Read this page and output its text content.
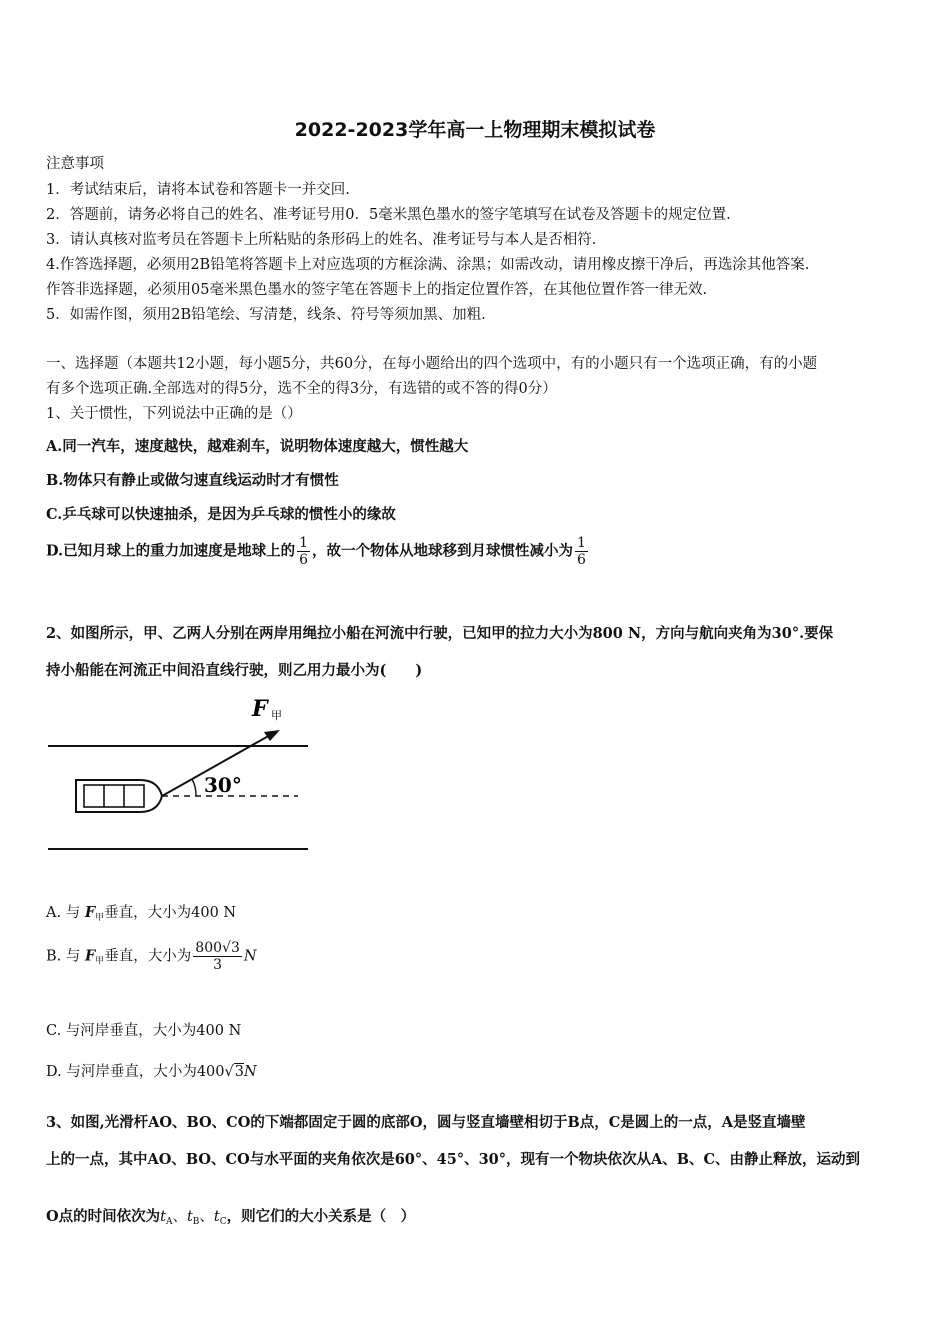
2022-2023学年高一上物理期末模拟试卷
注意事项
1．考试结束后，请将本试卷和答题卡一并交回.
2．答题前，请务必将自己的姓名、准考证号用0．5毫米黑色墨水的签字笔填写在试卷及答题卡的规定位置.
3．请认真核对监考员在答题卡上所粘贴的条形码上的姓名、准考证号与本人是否相符.
4.作答选择题，必须用2B铅笔将答题卡上对应选项的方框涂满、涂黑；如需改动，请用橡皮擦干净后，再选涂其他答案.
作答非选择题，必须用05毫米黑色墨水的签字笔在答题卡上的指定位置作答，在其他位置作答一律无效.
5．如需作图，须用2B铅笔绘、写清楚，线条、符号等须加黑、加粗.
一、选择题（本题共12小题，每小题5分，共60分，在每小题给出的四个选项中，有的小题只有一个选项正确，有的小题
有多个选项正确.全部选对的得5分，选不全的得3分，有选错的或不答的得0分）
1、关于惯性，下列说法中正确的是（）
A.同一汽车，速度越快，越难刹车，说明物体速度越大，惯性越大
B.物体只有静止或做匀速直线运动时才有惯性
C.乒乓球可以快速抽杀，是因为乒乓球的惯性小的缘故
D.已知月球上的重力加速度是地球上的 $\frac{1}{6}$ ，故一个物体从地球移到月球惯性减小为 $\frac{1}{6}$
2、如图所示，甲、乙两人分别在两岸用绳拉小船在河流中行驶，已知甲的拉力大小为800 N，方向与航向夹角为30°.要保
持小船能在河流正中间沿直线行驶，则乙用力最小为(　　)
30°
F 甲
A. 与 $F_甲$垂直，大小为400 N
B. 与 $F_甲$垂直，大小为 $\frac{800√3}{3}$ N
C. 与河岸垂直，大小为400 N
D. 与河岸垂直，大小为400√3N
3、如图,光滑杆AO、BO、CO的下端都固定于圆的底部O，圆与竖直墙壁相切于B点，C是圆上的一点，A是竖直墙壁
上的一点，其中AO、BO、CO与水平面的夹角依次是60°、45°、30°，现有一个物块依次从A、B、C、由静止释放，运动到
O点的时间依次为$t_A$、$t_B$、$t_C$，则它们的大小关系是（　）
